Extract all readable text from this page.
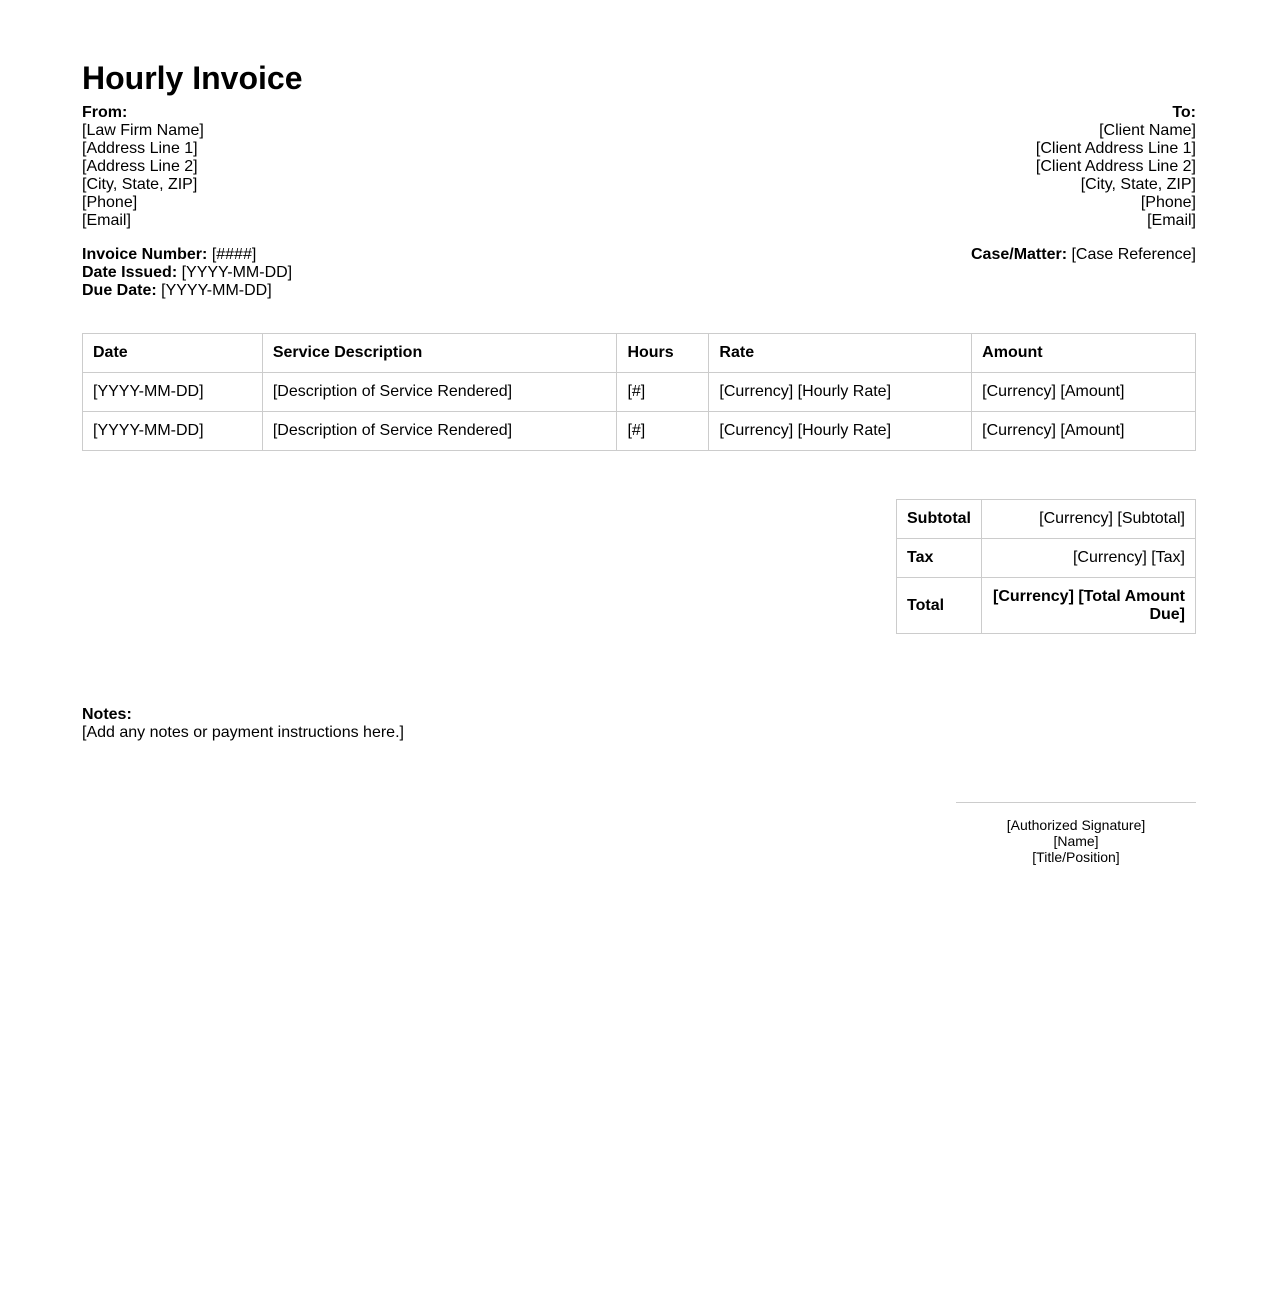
Hourly Invoice
From:
[Law Firm Name]
[Address Line 1]
[Address Line 2]
[City, State, ZIP]
[Phone]
[Email]
To:
[Client Name]
[Client Address Line 1]
[Client Address Line 2]
[City, State, ZIP]
[Phone]
[Email]
Invoice Number: [####]
Date Issued: [YYYY-MM-DD]
Due Date: [YYYY-MM-DD]
Case/Matter: [Case Reference]
Date	Service Description	Hours	Rate	Amount
[YYYY-MM-DD]	[Description of Service Rendered]	[#]	[Currency] [Hourly Rate]	[Currency] [Amount]
[YYYY-MM-DD]	[Description of Service Rendered]	[#]	[Currency] [Hourly Rate]	[Currency] [Amount]
Subtotal	[Currency] [Subtotal]
Tax	[Currency] [Tax]
Total	[Currency] [Total Amount Due]
Notes:
[Add any notes or payment instructions here.]
[Authorized Signature]
[Name]
[Title/Position]
